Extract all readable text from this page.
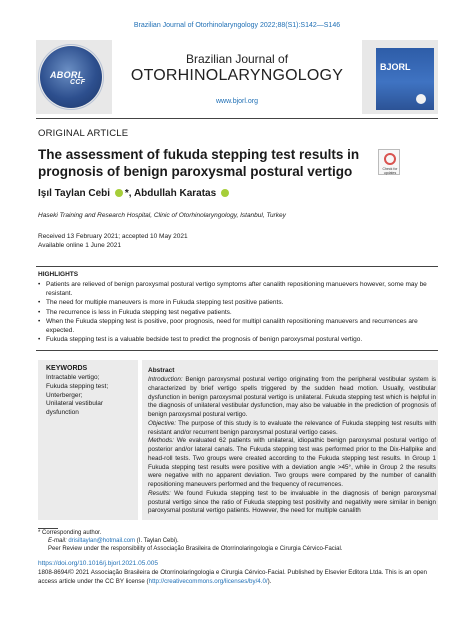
Brazilian Journal of Otorhinolaryngology 2022;88(S1):S142—S146
ABORL
CCF
Brazilian Journal of
OTORHINOLARYNGOLOGY
www.bjorl.org
BJORL
ORIGINAL ARTICLE
The assessment of fukuda stepping test results in prognosis of benign paroxysmal postural vertigo	Check for updates
Işıl Taylan Cebi *, Abdullah Karatas
Haseki Training and Research Hospital, Clinic of Otorhinolaryngology, Istanbul, Turkey
Received 13 February 2021; accepted 10 May 2021
Available online 1 June 2021
HIGHLIGHTS
• Patients are relieved of benign paroxysmal postural vertigo symptoms after canalith repositioning manuevers however, some may be resistant.
• The need for multiple maneuvers is more in Fukuda stepping test positive patients.
• The recurrence is less in Fukuda stepping test negative patients.
• When the Fukuda stepping test is positive, poor prognosis, need for multipl canalith repositioning manuevers and recurrences are expected.
• Fukuda stepping test is a valuable bedside test to predict the prognosis of benign paroxysmal postural vertigo.
KEYWORDS
Intractable vertigo;
Fukuda stepping test;
Unterberger;
Unilateral vestibular dysfunction
Abstract
Introduction: Benign paroxysmal postural vertigo originating from the peripheral vestibular system is characterized by brief vertigo spells triggered by the sudden head motion. Usually, vestibular dysfunction in benign paroxysmal postural vertigo is unilateral. Fukuda stepping test which is helpful in the diagnosis of unilateral vestibular dysfunction, may also be valuable in the prediction of prognosis of benign paroxysmal postural vertigo.
Objective: The purpose of this study is to evaluate the relevance of Fukuda stepping test results with resistant and/or recurrent benign paroxysmal postural vertigo cases.
Methods: We evaluated 62 patients with unilateral, idiopathic benign paroxysmal postural vertigo of posterior and/or lateral canals. The Fukuda stepping test was performed prior to the Dix-Hallpike and head-roll tests. Two groups were created according to the Fukuda stepping test results. In Group 1 Fukuda stepping test results were positive with a deviation angle >45°, while in Group 2 the results were negative with no apparent deviation. Two groups were compared by the number of canalith repositioning maneuvers performed and the frequency of recurrences.
Results: We found Fukuda stepping test to be invaluable in the diagnosis of benign paroxysmal postural vertigo since the ratio of Fukuda stepping test positivity and negativity were similar in benign paroxysmal postural vertigo patients. However, the need for multiple canalith
* Corresponding author.
E-mail: drisiltaylan@hotmail.com (I. Taylan Cebi).
Peer Review under the responsibility of Associação Brasileira de Otorrinolaringologia e Cirurgia Cérvico-Facial.
https://doi.org/10.1016/j.bjorl.2021.05.005
1808-8694/© 2021 Associação Brasileira de Otorrinolaringologia e Cirurgia Cérvico-Facial. Published by Elsevier Editora Ltda. This is an open access article under the CC BY license (http://creativecommons.org/licenses/by/4.0/).
